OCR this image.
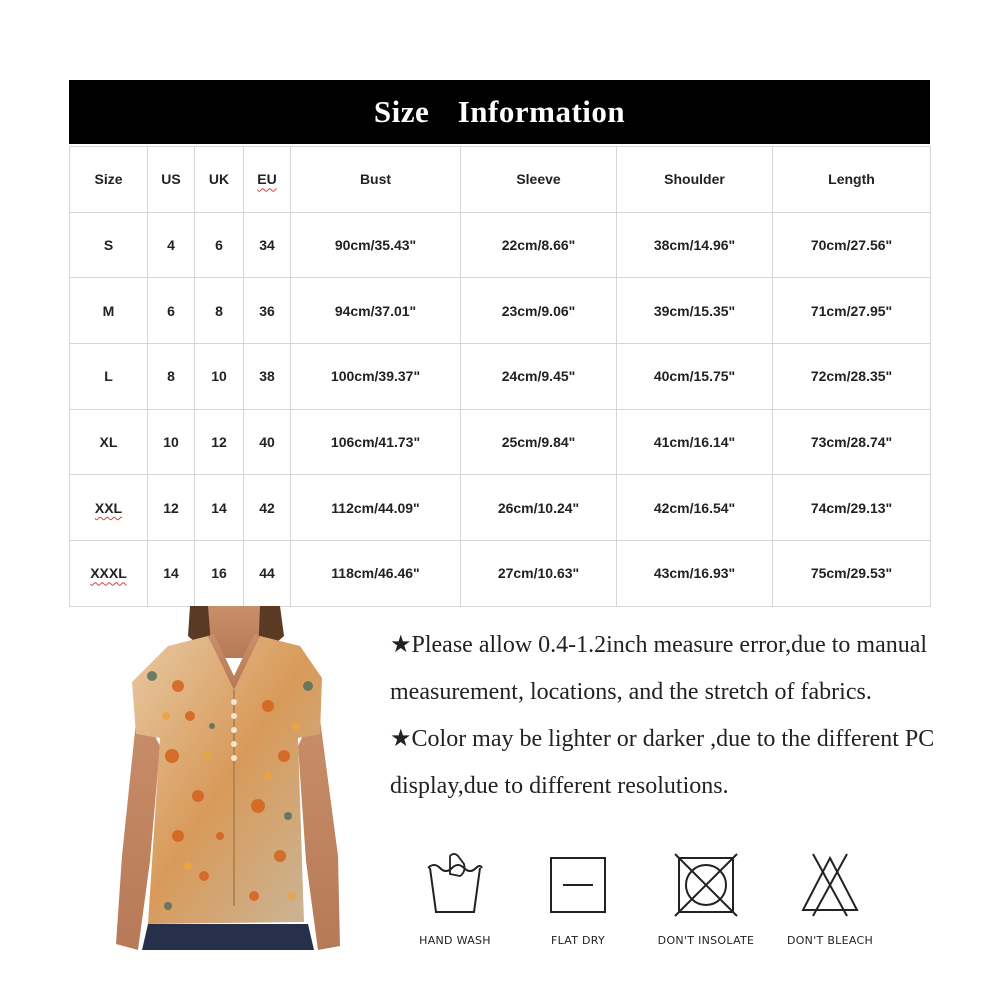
Size  Information
Size	US	UK	EU	Bust	Sleeve	Shoulder	Length
S	4	6	34	90cm/35.43"	22cm/8.66"	38cm/14.96"	70cm/27.56"
M	6	8	36	94cm/37.01"	23cm/9.06"	39cm/15.35"	71cm/27.95"
L	8	10	38	100cm/39.37"	24cm/9.45"	40cm/15.75"	72cm/28.35"
XL	10	12	40	106cm/41.73"	25cm/9.84"	41cm/16.14"	73cm/28.74"
XXL	12	14	42	112cm/44.09"	26cm/10.24"	42cm/16.54"	74cm/29.13"
XXXL	14	16	44	118cm/46.46"	27cm/10.63"	43cm/16.93"	75cm/29.53"

★Please allow 0.4-1.2inch measure error,due to manual measurement, locations, and the stretch of fabrics.

★Color may be lighter or darker ,due to the different PC display,due to different resolutions.

HAND WASH	FLAT DRY	DON'T INSOLATE	DON'T BLEACH
